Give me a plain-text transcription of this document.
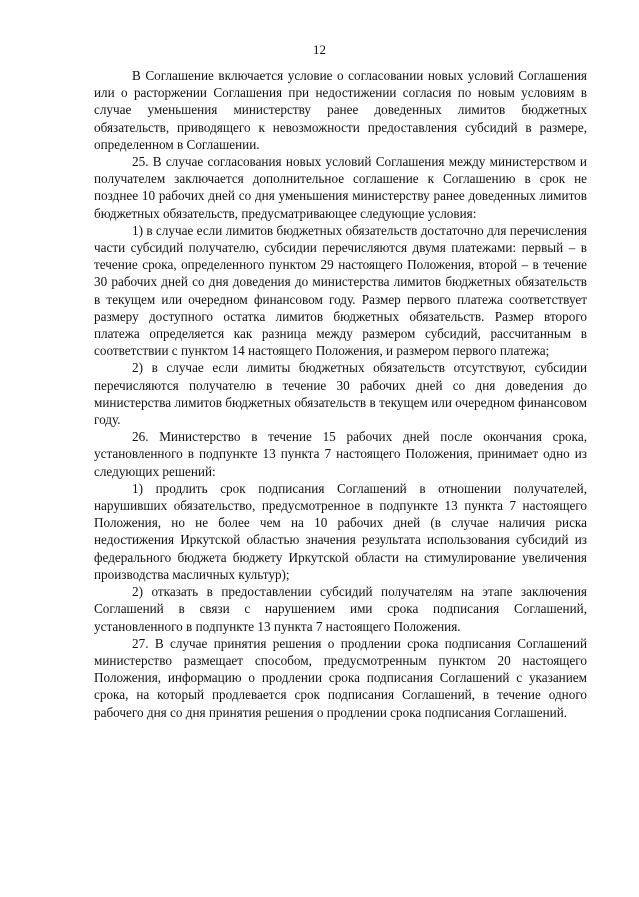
12

В Соглашение включается условие о согласовании новых условий Соглашения или о расторжении Соглашения при недостижении согласия по новым условиям в случае уменьшения министерству ранее доведенных лимитов бюджетных обязательств, приводящего к невозможности предоставления субсидий в размере, определенном в Соглашении.

25. В случае согласования новых условий Соглашения между министерством и получателем заключается дополнительное соглашение к Соглашению в срок не позднее 10 рабочих дней со дня уменьшения министерству ранее доведенных лимитов бюджетных обязательств, предусматривающее следующие условия:

1) в случае если лимитов бюджетных обязательств достаточно для перечисления части субсидий получателю, субсидии перечисляются двумя платежами: первый – в течение срока, определенного пунктом 29 настоящего Положения, второй – в течение 30 рабочих дней со дня доведения до министерства лимитов бюджетных обязательств в текущем или очередном финансовом году. Размер первого платежа соответствует размеру доступного остатка лимитов бюджетных обязательств. Размер второго платежа определяется как разница между размером субсидий, рассчитанным в соответствии с пунктом 14 настоящего Положения, и размером первого платежа;

2) в случае если лимиты бюджетных обязательств отсутствуют, субсидии перечисляются получателю в течение 30 рабочих дней со дня доведения до министерства лимитов бюджетных обязательств в текущем или очередном финансовом году.

26. Министерство в течение 15 рабочих дней после окончания срока, установленного в подпункте 13 пункта 7 настоящего Положения, принимает одно из следующих решений:

1) продлить срок подписания Соглашений в отношении получателей, нарушивших обязательство, предусмотренное в подпункте 13 пункта 7 настоящего Положения, но не более чем на 10 рабочих дней (в случае наличия риска недостижения Иркутской областью значения результата использования субсидий из федерального бюджета бюджету Иркутской области на стимулирование увеличения производства масличных культур);

2) отказать в предоставлении субсидий получателям на этапе заключения Соглашений в связи с нарушением ими срока подписания Соглашений, установленного в подпункте 13 пункта 7 настоящего Положения.

27. В случае принятия решения о продлении срока подписания Соглашений министерство размещает способом, предусмотренным пунктом 20 настоящего Положения, информацию о продлении срока подписания Соглашений с указанием срока, на который продлевается срок подписания Соглашений, в течение одного рабочего дня со дня принятия решения о продлении срока подписания Соглашений.
